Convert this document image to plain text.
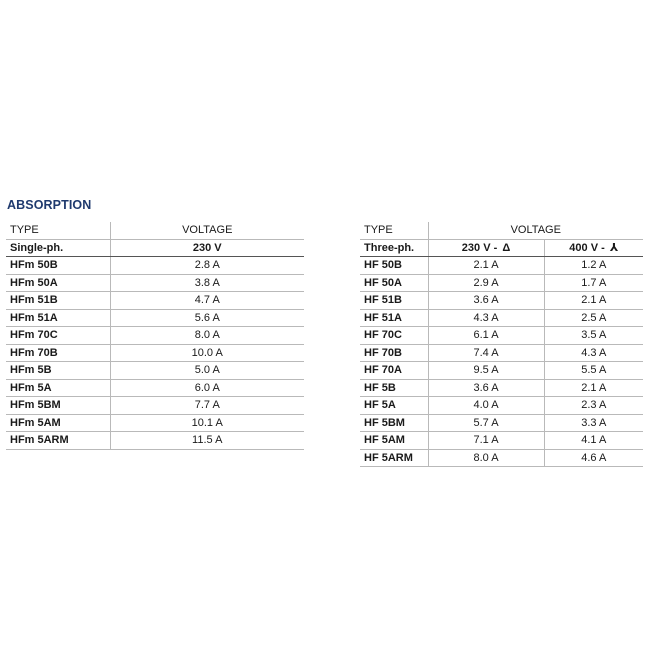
ABSORPTION
TYPE	VOLTAGE
Single-ph.	230 V
HFm 50B	2.8 A
HFm 50A	3.8 A
HFm 51B	4.7 A
HFm 51A	5.6 A
HFm 70C	8.0 A
HFm 70B	10.0 A
HFm 5B	5.0 A
HFm 5A	6.0 A
HFm 5BM	7.7 A
HFm 5AM	10.1 A
HFm 5ARM	11.5 A
TYPE	VOLTAGE	
Three-ph.	230 V - Δ	400 V - ⅄
HF 50B	2.1 A	1.2 A
HF 50A	2.9 A	1.7 A
HF 51B	3.6 A	2.1 A
HF 51A	4.3 A	2.5 A
HF 70C	6.1 A	3.5 A
HF 70B	7.4 A	4.3 A
HF 70A	9.5 A	5.5 A
HF 5B	3.6 A	2.1 A
HF 5A	4.0 A	2.3 A
HF 5BM	5.7 A	3.3 A
HF 5AM	7.1 A	4.1 A
HF 5ARM	8.0 A	4.6 A
